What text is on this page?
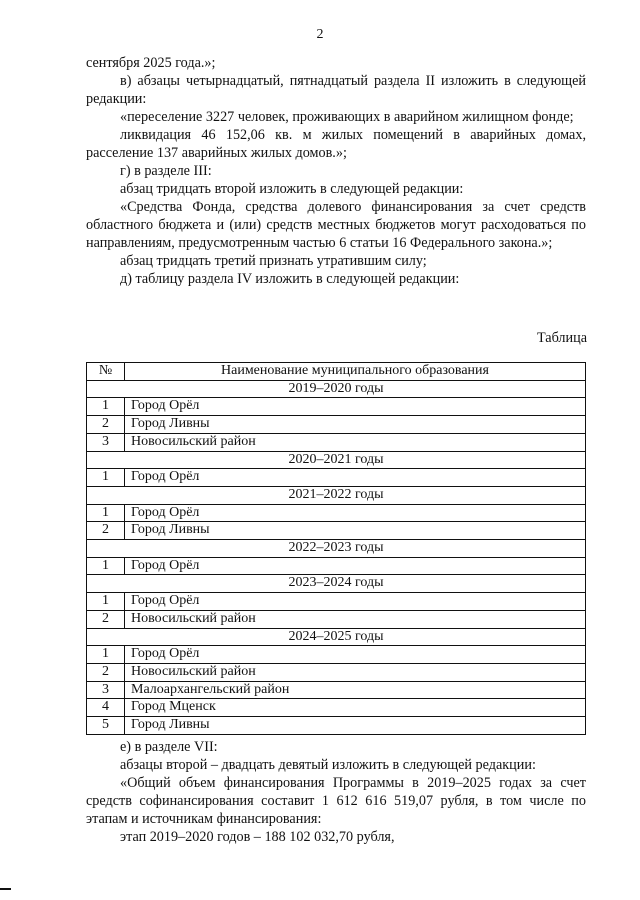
2

сентября 2025 года.»;

в) абзацы четырнадцатый, пятнадцатый раздела II изложить в следующей редакции:

«переселение 3227 человек, проживающих в аварийном жилищном фонде;

ликвидация 46 152,06 кв. м жилых помещений в аварийных домах, расселение 137 аварийных жилых домов.»;

г) в разделе III:

абзац тридцать второй изложить в следующей редакции:

«Средства Фонда, средства долевого финансирования за счет средств областного бюджета и (или) средств местных бюджетов могут расходоваться по направлениям, предусмотренным частью 6 статьи 16 Федерального закона.»;

абзац тридцать третий признать утратившим силу;

д) таблицу раздела IV изложить в следующей редакции:

Таблица
№	Наименование муниципального образования
2019–2020 годы	
1	Город Орёл
2	Город Ливны
3	Новосильский район
2020–2021 годы	
1	Город Орёл
2021–2022 годы	
1	Город Орёл
2	Город Ливны
2022–2023 годы	
1	Город Орёл
2023–2024 годы	
1	Город Орёл
2	Новосильский район
2024–2025 годы	
1	Город Орёл
2	Новосильский район
3	Малоархангельский район
4	Город Мценск
5	Город Ливны

е) в разделе VII:

абзацы второй – двадцать девятый изложить в следующей редакции:

«Общий объем финансирования Программы в 2019–2025 годах за счет средств софинансирования составит 1 612 616 519,07 рубля, в том числе по этапам и источникам финансирования:

этап 2019–2020 годов – 188 102 032,70 рубля,
